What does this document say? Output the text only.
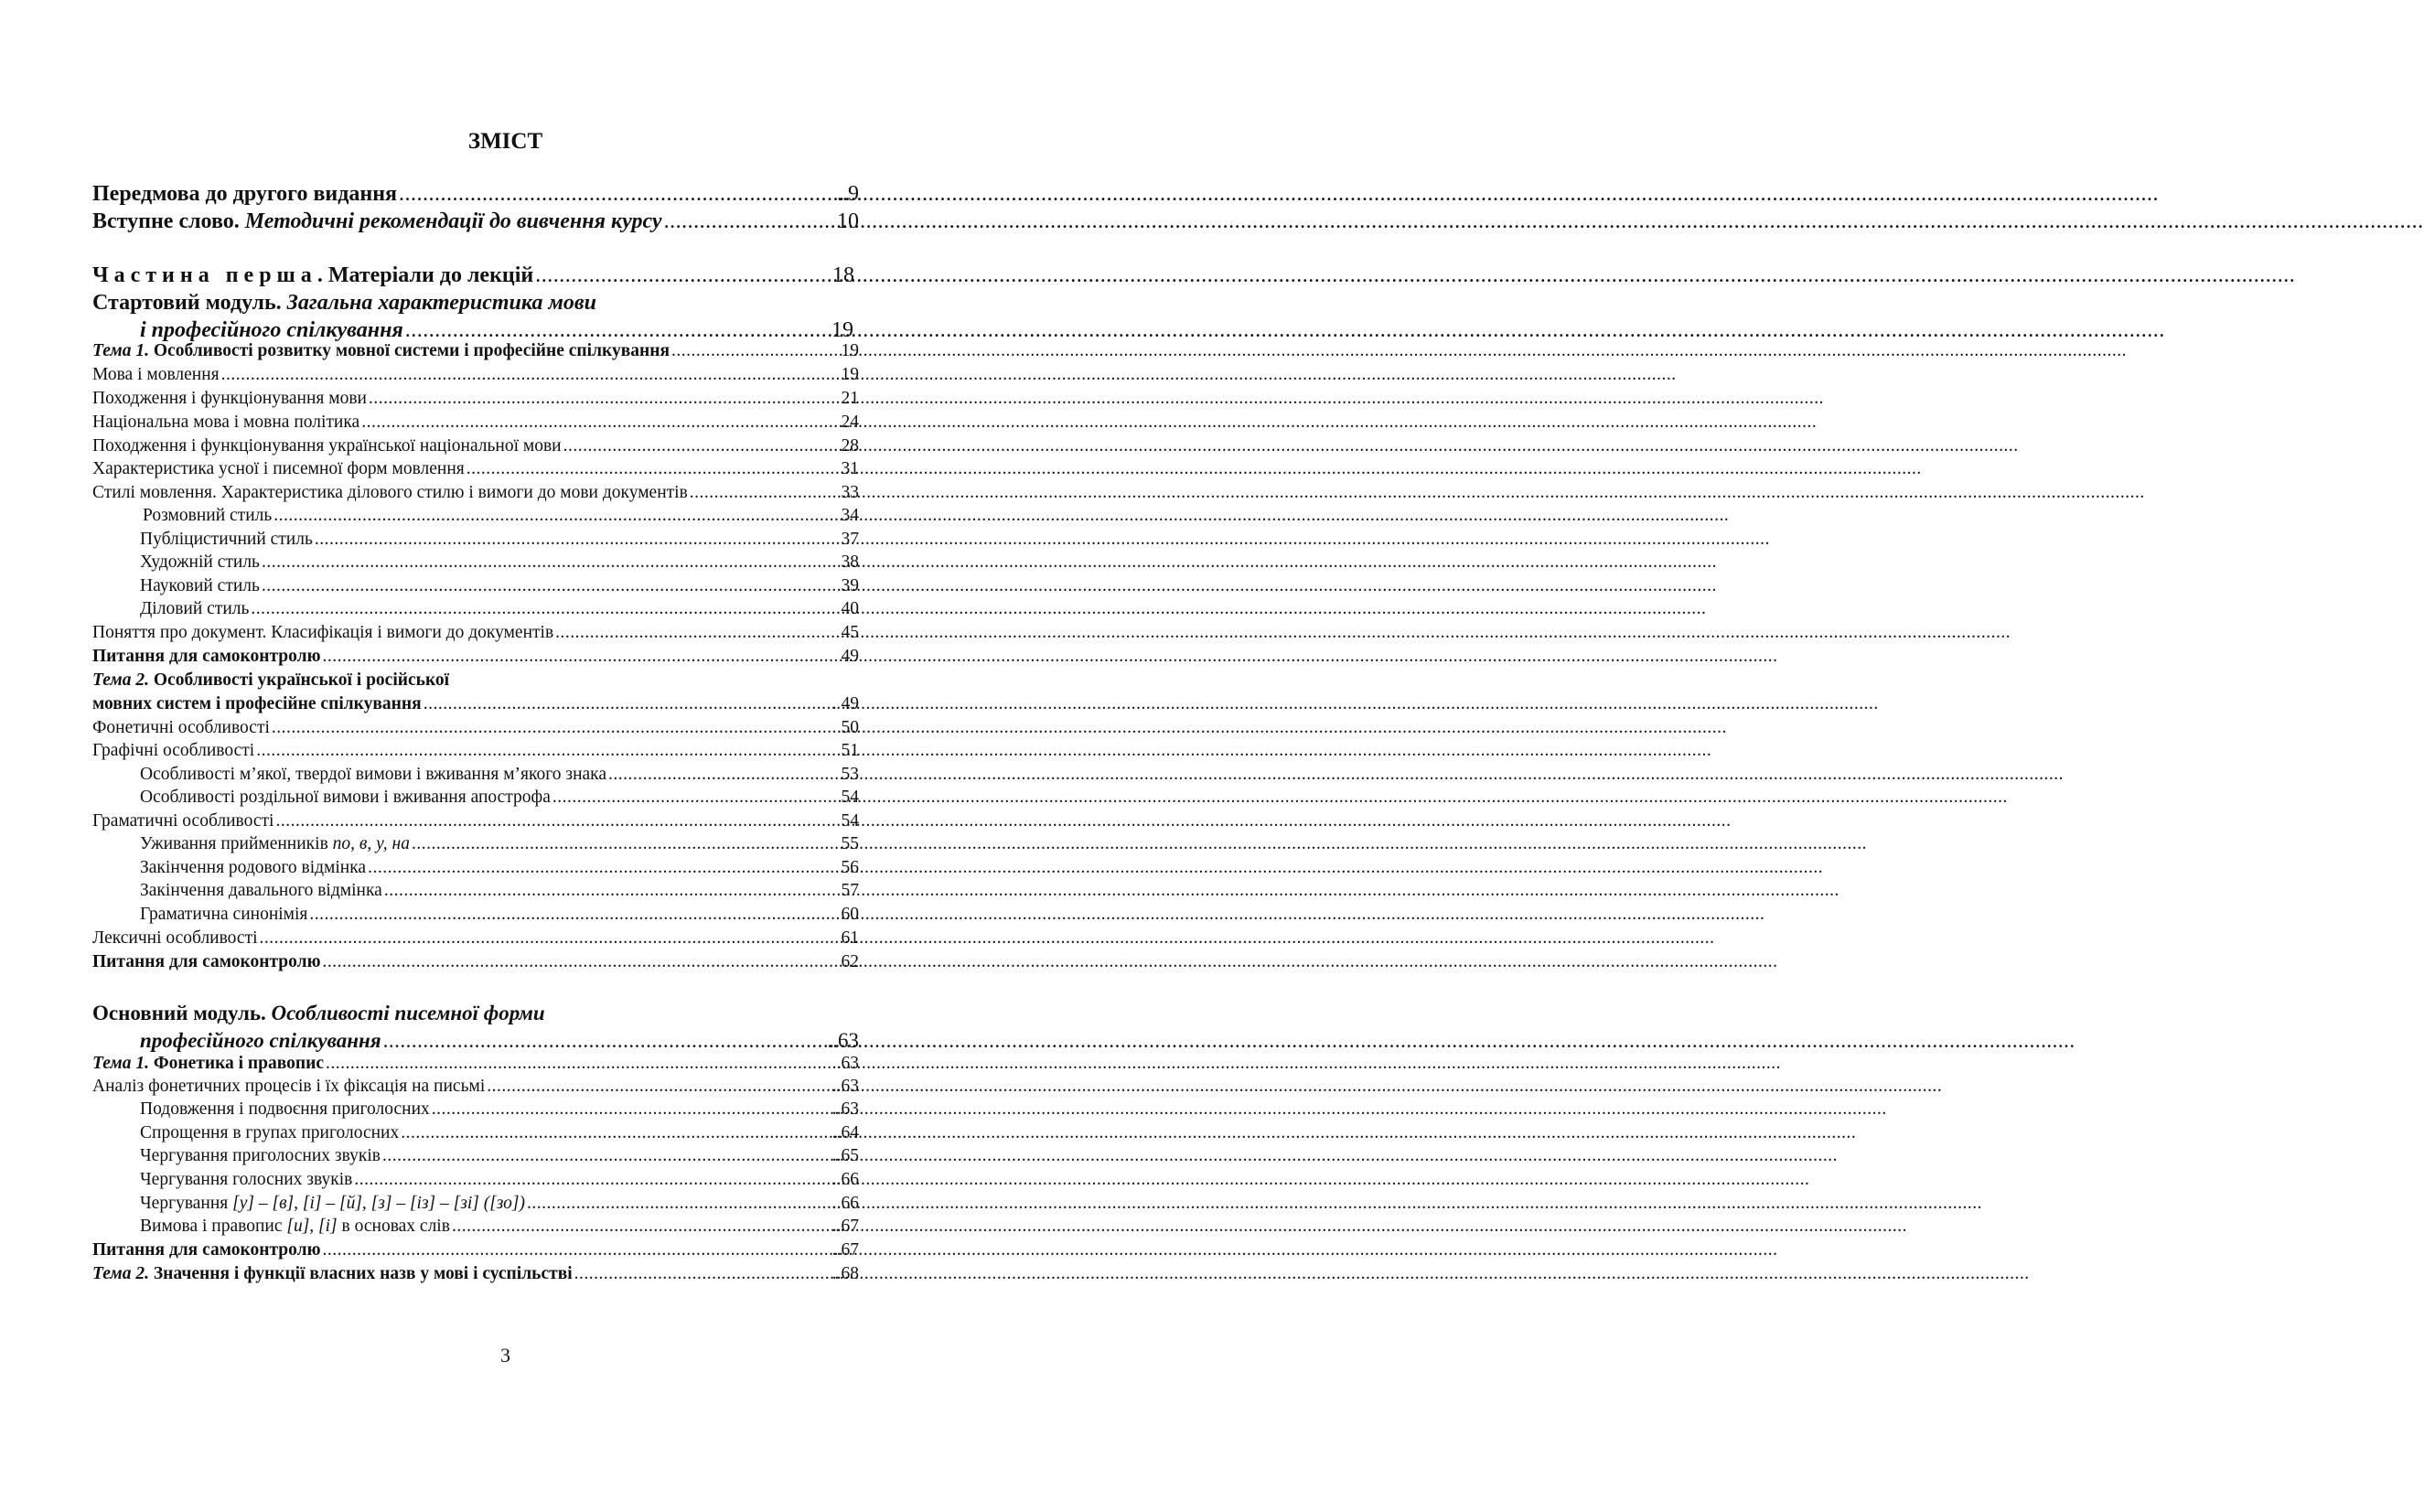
ЗМІСТ
Передмова до другого видання .....	..9
Вступне слово. Методичні рекомендації до вивчення курсу .....	10
Частина перша. Матеріали до лекцій .....	18
Стартовий модуль. Загальна характеристика мови
і професійного спілкування .....	19
Тема 1. Особливості розвитку мовної системи і професійне спілкування .....	19
Мова і мовлення .....	19
Походження і функціонування мови .....	21
Національна мова і мовна політика .....	24
Походження і функціонування української національної мови .....	28
Характеристика усної і писемної форм мовлення .....	31
Стилі мовлення. Характеристика ділового стилю і вимоги до мови документів .....	33
Розмовний стиль .....	34
Публіцистичний стиль .....	37
Художній стиль .....	38
Науковий стиль .....	39
Діловий стиль .....	40
Поняття про документ. Класифікація і вимоги до документів .....	45
Питання для самоконтролю .....	49
Тема 2. Особливості української і російської
мовних систем і професійне спілкування .....	. 49
Фонетичні особливості .....	50
Графічні особливості .....	51
Особливості м’якої, твердої вимови і вживання м’якого знака .....	53
Особливості роздільної вимови і вживання апострофа .....	54
Граматичні особливості .....	54
Уживання прийменників по, в, у, на .....	55
Закінчення родового відмінка .....	56
Закінчення давального відмінка .....	57
Граматична синонімія .....	60
Лексичні особливості .....	61
Питання для самоконтролю .....	62
Основний модуль. Особливості писемної форми
професійного спілкування .....	..63
Тема 1. Фонетика і правопис .....	..63
Аналіз фонетичних процесів і їх фіксація на письмі .....	..63
Подовження і подвоєння приголосних .....	..63
Спрощення в групах приголосних .....	..64
Чергування приголосних звуків .....	..65
Чергування голосних звуків .....	..66
Чергування [у] – [в], [і] – [й], [з] – [із] – [зі] ([зо]) .....	..66
Вимова і правопис [и], [і] в основах слів .....	..67
Питання для самоконтролю .....	..67
Тема 2. Значення і функції власних назв у мові і суспільстві .....	..68
3
